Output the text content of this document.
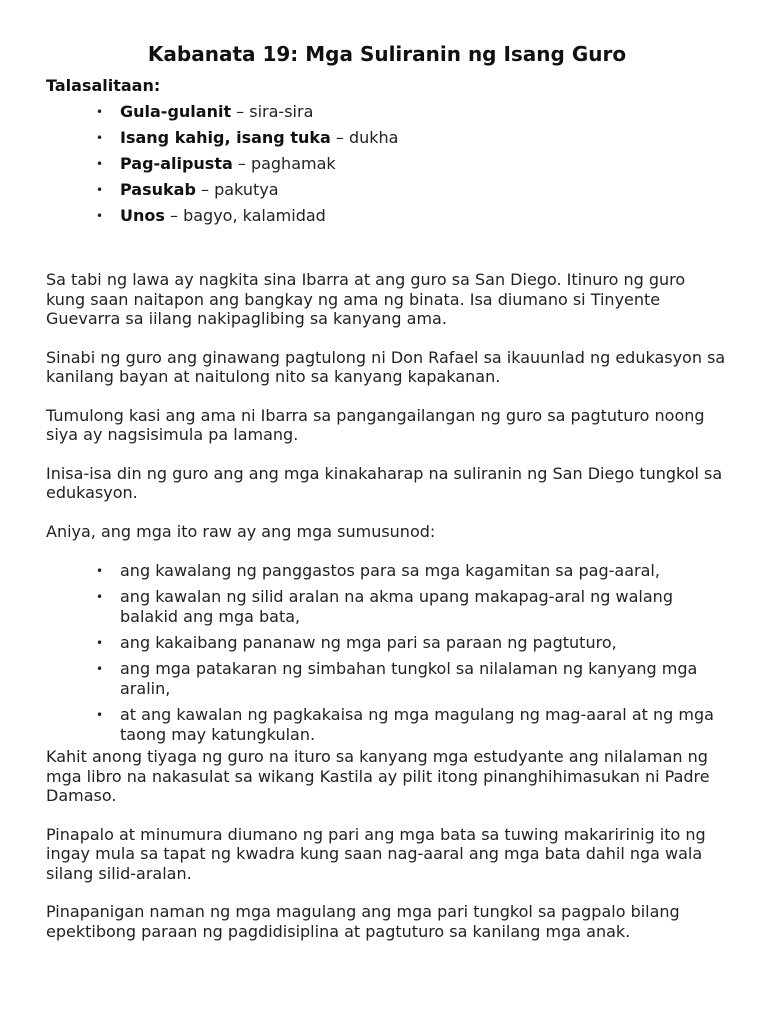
Kabanata 19: Mga Suliranin ng Isang Guro
Talasalitaan:
• Gula-gulanit – sira-sira
• Isang kahig, isang tuka – dukha
• Pag-alipusta – paghamak
• Pasukab – pakutya
• Unos – bagyo, kalamidad

Sa tabi ng lawa ay nagkita sina Ibarra at ang guro sa San Diego. Itinuro ng guro kung saan naitapon ang bangkay ng ama ng binata. Isa diumano si Tinyente Guevarra sa iilang nakipaglibing sa kanyang ama.

Sinabi ng guro ang ginawang pagtulong ni Don Rafael sa ikauunlad ng edukasyon sa kanilang bayan at naitulong nito sa kanyang kapakanan.

Tumulong kasi ang ama ni Ibarra sa pangangailangan ng guro sa pagtuturo noong siya ay nagsisimula pa lamang.

Inisa-isa din ng guro ang ang mga kinakaharap na suliranin ng San Diego tungkol sa edukasyon.

Aniya, ang mga ito raw ay ang mga sumusunod:

• ang kawalang ng panggastos para sa mga kagamitan sa pag-aaral,
• ang kawalan ng silid aralan na akma upang makapag-aral ng walang balakid ang mga bata,
• ang kakaibang pananaw ng mga pari sa paraan ng pagtuturo,
• ang mga patakaran ng simbahan tungkol sa nilalaman ng kanyang mga aralin,
• at ang kawalan ng pagkakaisa ng mga magulang ng mag-aaral at ng mga taong may katungkulan.

Kahit anong tiyaga ng guro na ituro sa kanyang mga estudyante ang nilalaman ng mga libro na nakasulat sa wikang Kastila ay pilit itong pinanghihimasukan ni Padre Damaso.

Pinapalo at minumura diumano ng pari ang mga bata sa tuwing makaririnig ito ng ingay mula sa tapat ng kwadra kung saan nag-aaral ang mga bata dahil nga wala silang silid-aralan.

Pinapanigan naman ng mga magulang ang mga pari tungkol sa pagpalo bilang epektibong paraan ng pagdidisiplina at pagtuturo sa kanilang mga anak.
